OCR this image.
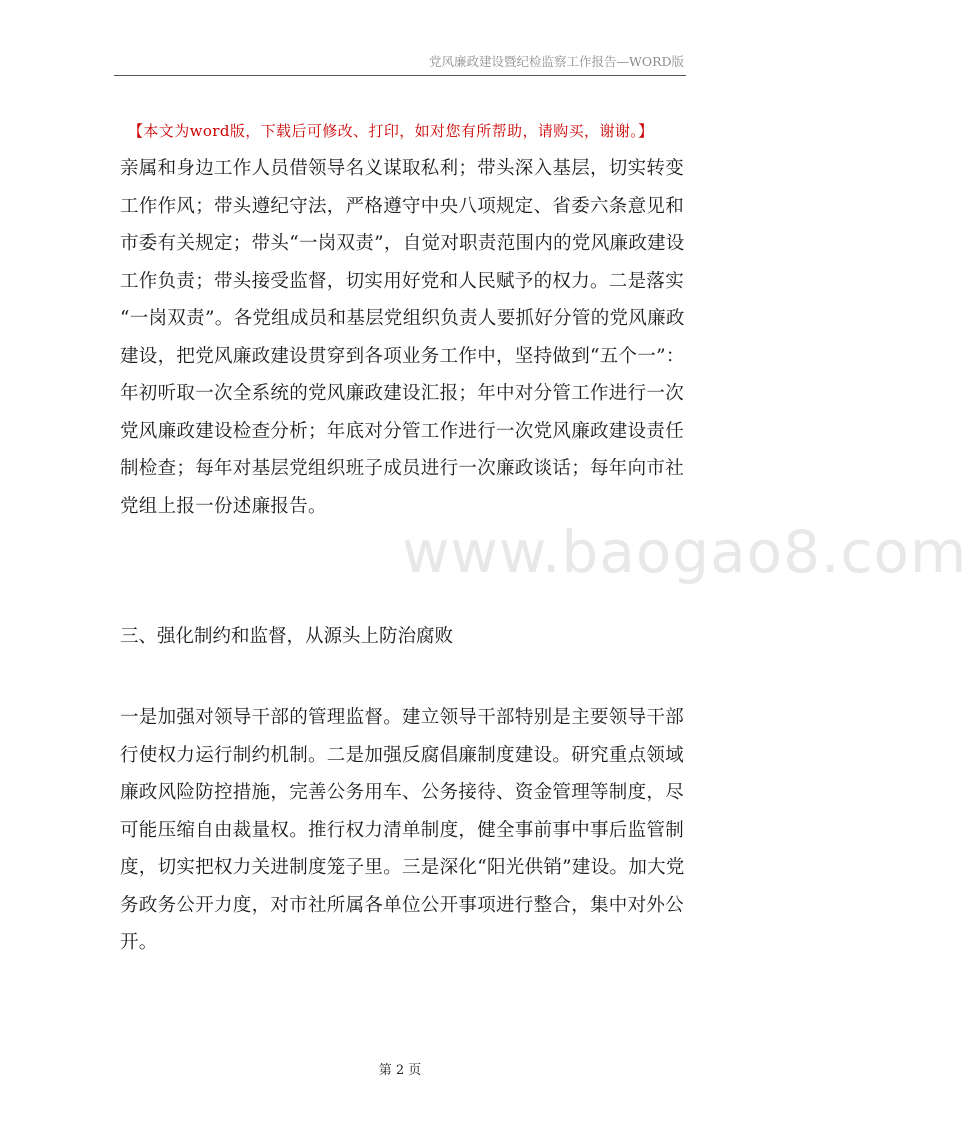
党风廉政建设暨纪检监察工作报告—WORD版
【本文为word版，下载后可修改、打印，如对您有所帮助，请购买，谢谢。】
亲属和身边工作人员借领导名义谋取私利；带头深入基层，切实转变
工作作风；带头遵纪守法，严格遵守中央八项规定、省委六条意见和
市委有关规定；带头“一岗双责”，自觉对职责范围内的党风廉政建设
工作负责；带头接受监督，切实用好党和人民赋予的权力。二是落实
“一岗双责”。各党组成员和基层党组织负责人要抓好分管的党风廉政
建设，把党风廉政建设贯穿到各项业务工作中，坚持做到“五个一”：
年初听取一次全系统的党风廉政建设汇报；年中对分管工作进行一次
党风廉政建设检查分析；年底对分管工作进行一次党风廉政建设责任
制检查；每年对基层党组织班子成员进行一次廉政谈话；每年向市社
党组上报一份述廉报告。
www.baogao8.com
三、强化制约和监督，从源头上防治腐败
一是加强对领导干部的管理监督。建立领导干部特别是主要领导干部
行使权力运行制约机制。二是加强反腐倡廉制度建设。研究重点领域
廉政风险防控措施，完善公务用车、公务接待、资金管理等制度，尽
可能压缩自由裁量权。推行权力清单制度，健全事前事中事后监管制
度，切实把权力关进制度笼子里。三是深化“阳光供销”建设。加大党
务政务公开力度，对市社所属各单位公开事项进行整合，集中对外公
开。
第 2 页
